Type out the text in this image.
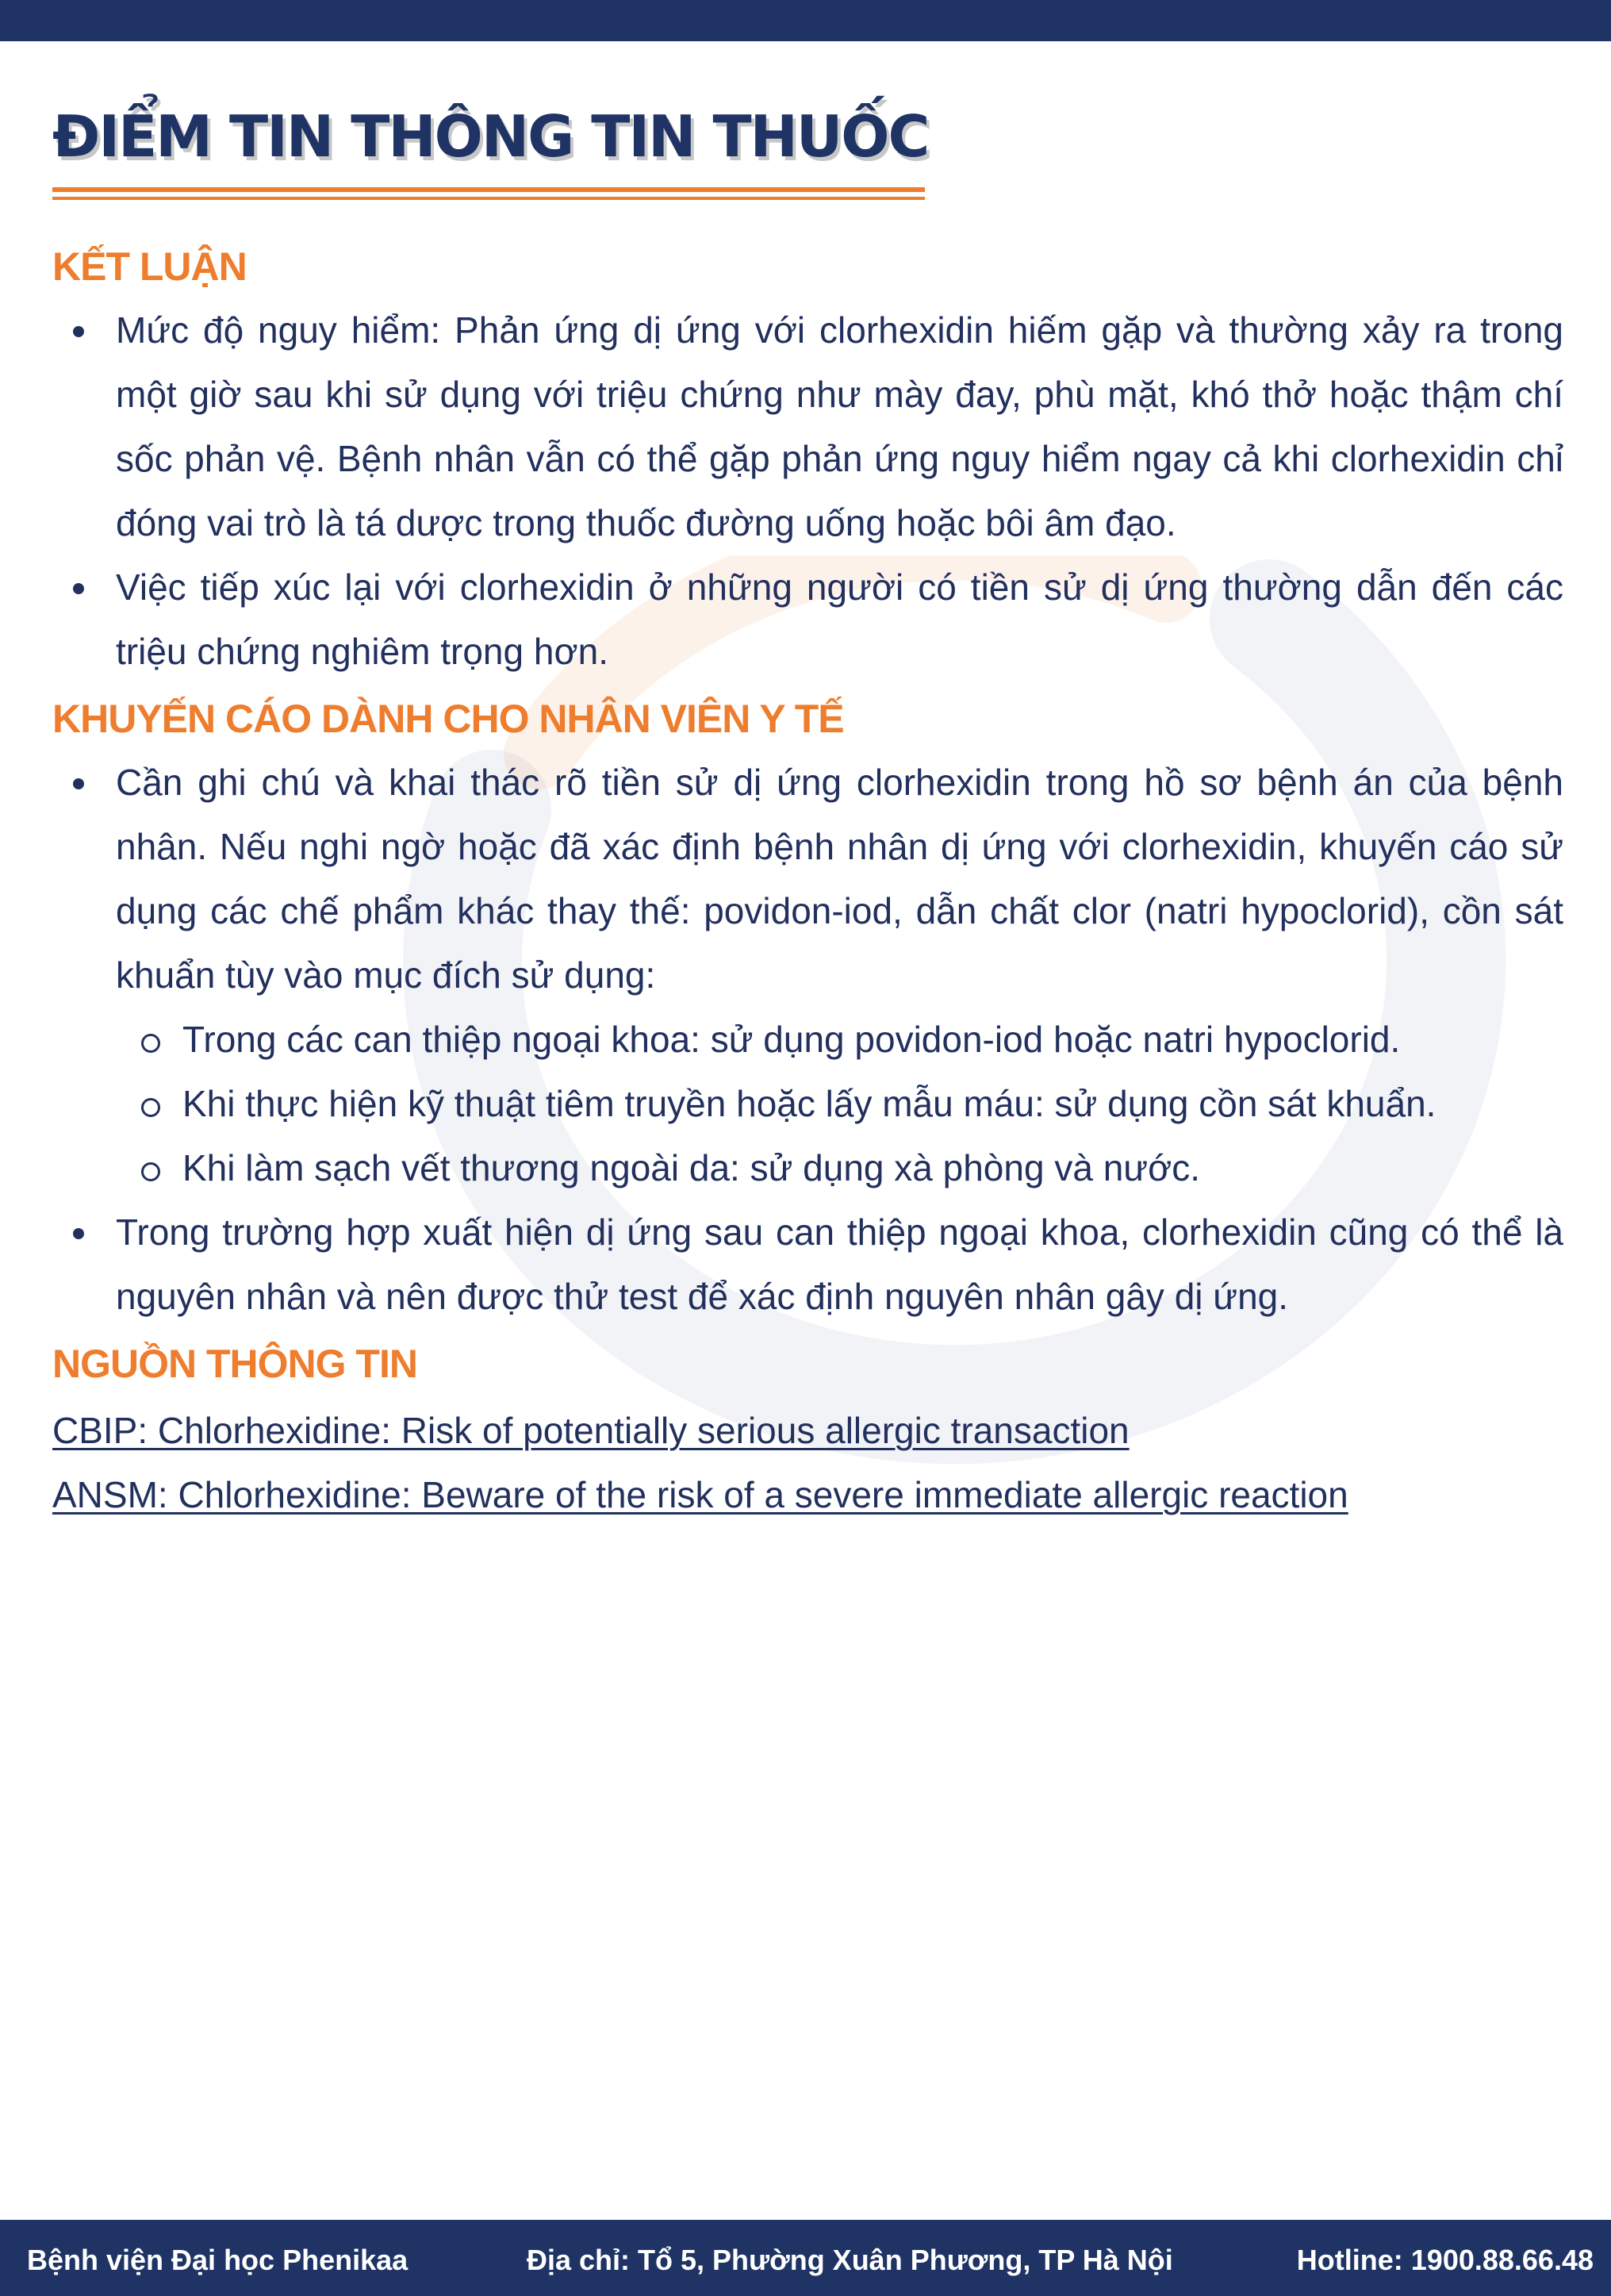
ĐIỂM TIN THÔNG TIN THUỐC
KẾT LUẬN
Mức độ nguy hiểm: Phản ứng dị ứng với clorhexidin hiếm gặp và thường xảy ra trong một giờ sau khi sử dụng với triệu chứng như mày đay, phù mặt, khó thở hoặc thậm chí sốc phản vệ. Bệnh nhân vẫn có thể gặp phản ứng nguy hiểm ngay cả khi clorhexidin chỉ đóng vai trò là tá dược trong thuốc đường uống hoặc bôi âm đạo.
Việc tiếp xúc lại với clorhexidin ở những người có tiền sử dị ứng thường dẫn đến các triệu chứng nghiêm trọng hơn.
KHUYẾN CÁO DÀNH CHO NHÂN VIÊN Y TẾ
Cần ghi chú và khai thác rõ tiền sử dị ứng clorhexidin trong hồ sơ bệnh án của bệnh nhân. Nếu nghi ngờ hoặc đã xác định bệnh nhân dị ứng với clorhexidin, khuyến cáo sử dụng các chế phẩm khác thay thế: povidon-iod, dẫn chất clor (natri hypoclorid), cồn sát khuẩn tùy vào mục đích sử dụng:
Trong các can thiệp ngoại khoa: sử dụng povidon-iod hoặc natri hypoclorid.
Khi thực hiện kỹ thuật tiêm truyền hoặc lấy mẫu máu: sử dụng cồn sát khuẩn.
Khi làm sạch vết thương ngoài da: sử dụng xà phòng và nước.
Trong trường hợp xuất hiện dị ứng sau can thiệp ngoại khoa, clorhexidin cũng có thể là nguyên nhân và nên được thử test để xác định nguyên nhân gây dị ứng.
NGUỒN THÔNG TIN
CBIP: Chlorhexidine: Risk of potentially serious allergic transaction
ANSM: Chlorhexidine: Beware of the risk of a severe immediate allergic reaction
Bệnh viện Đại học Phenikaa	Địa chỉ: Tổ 5, Phường Xuân Phương, TP Hà Nội	Hotline: 1900.88.66.48
